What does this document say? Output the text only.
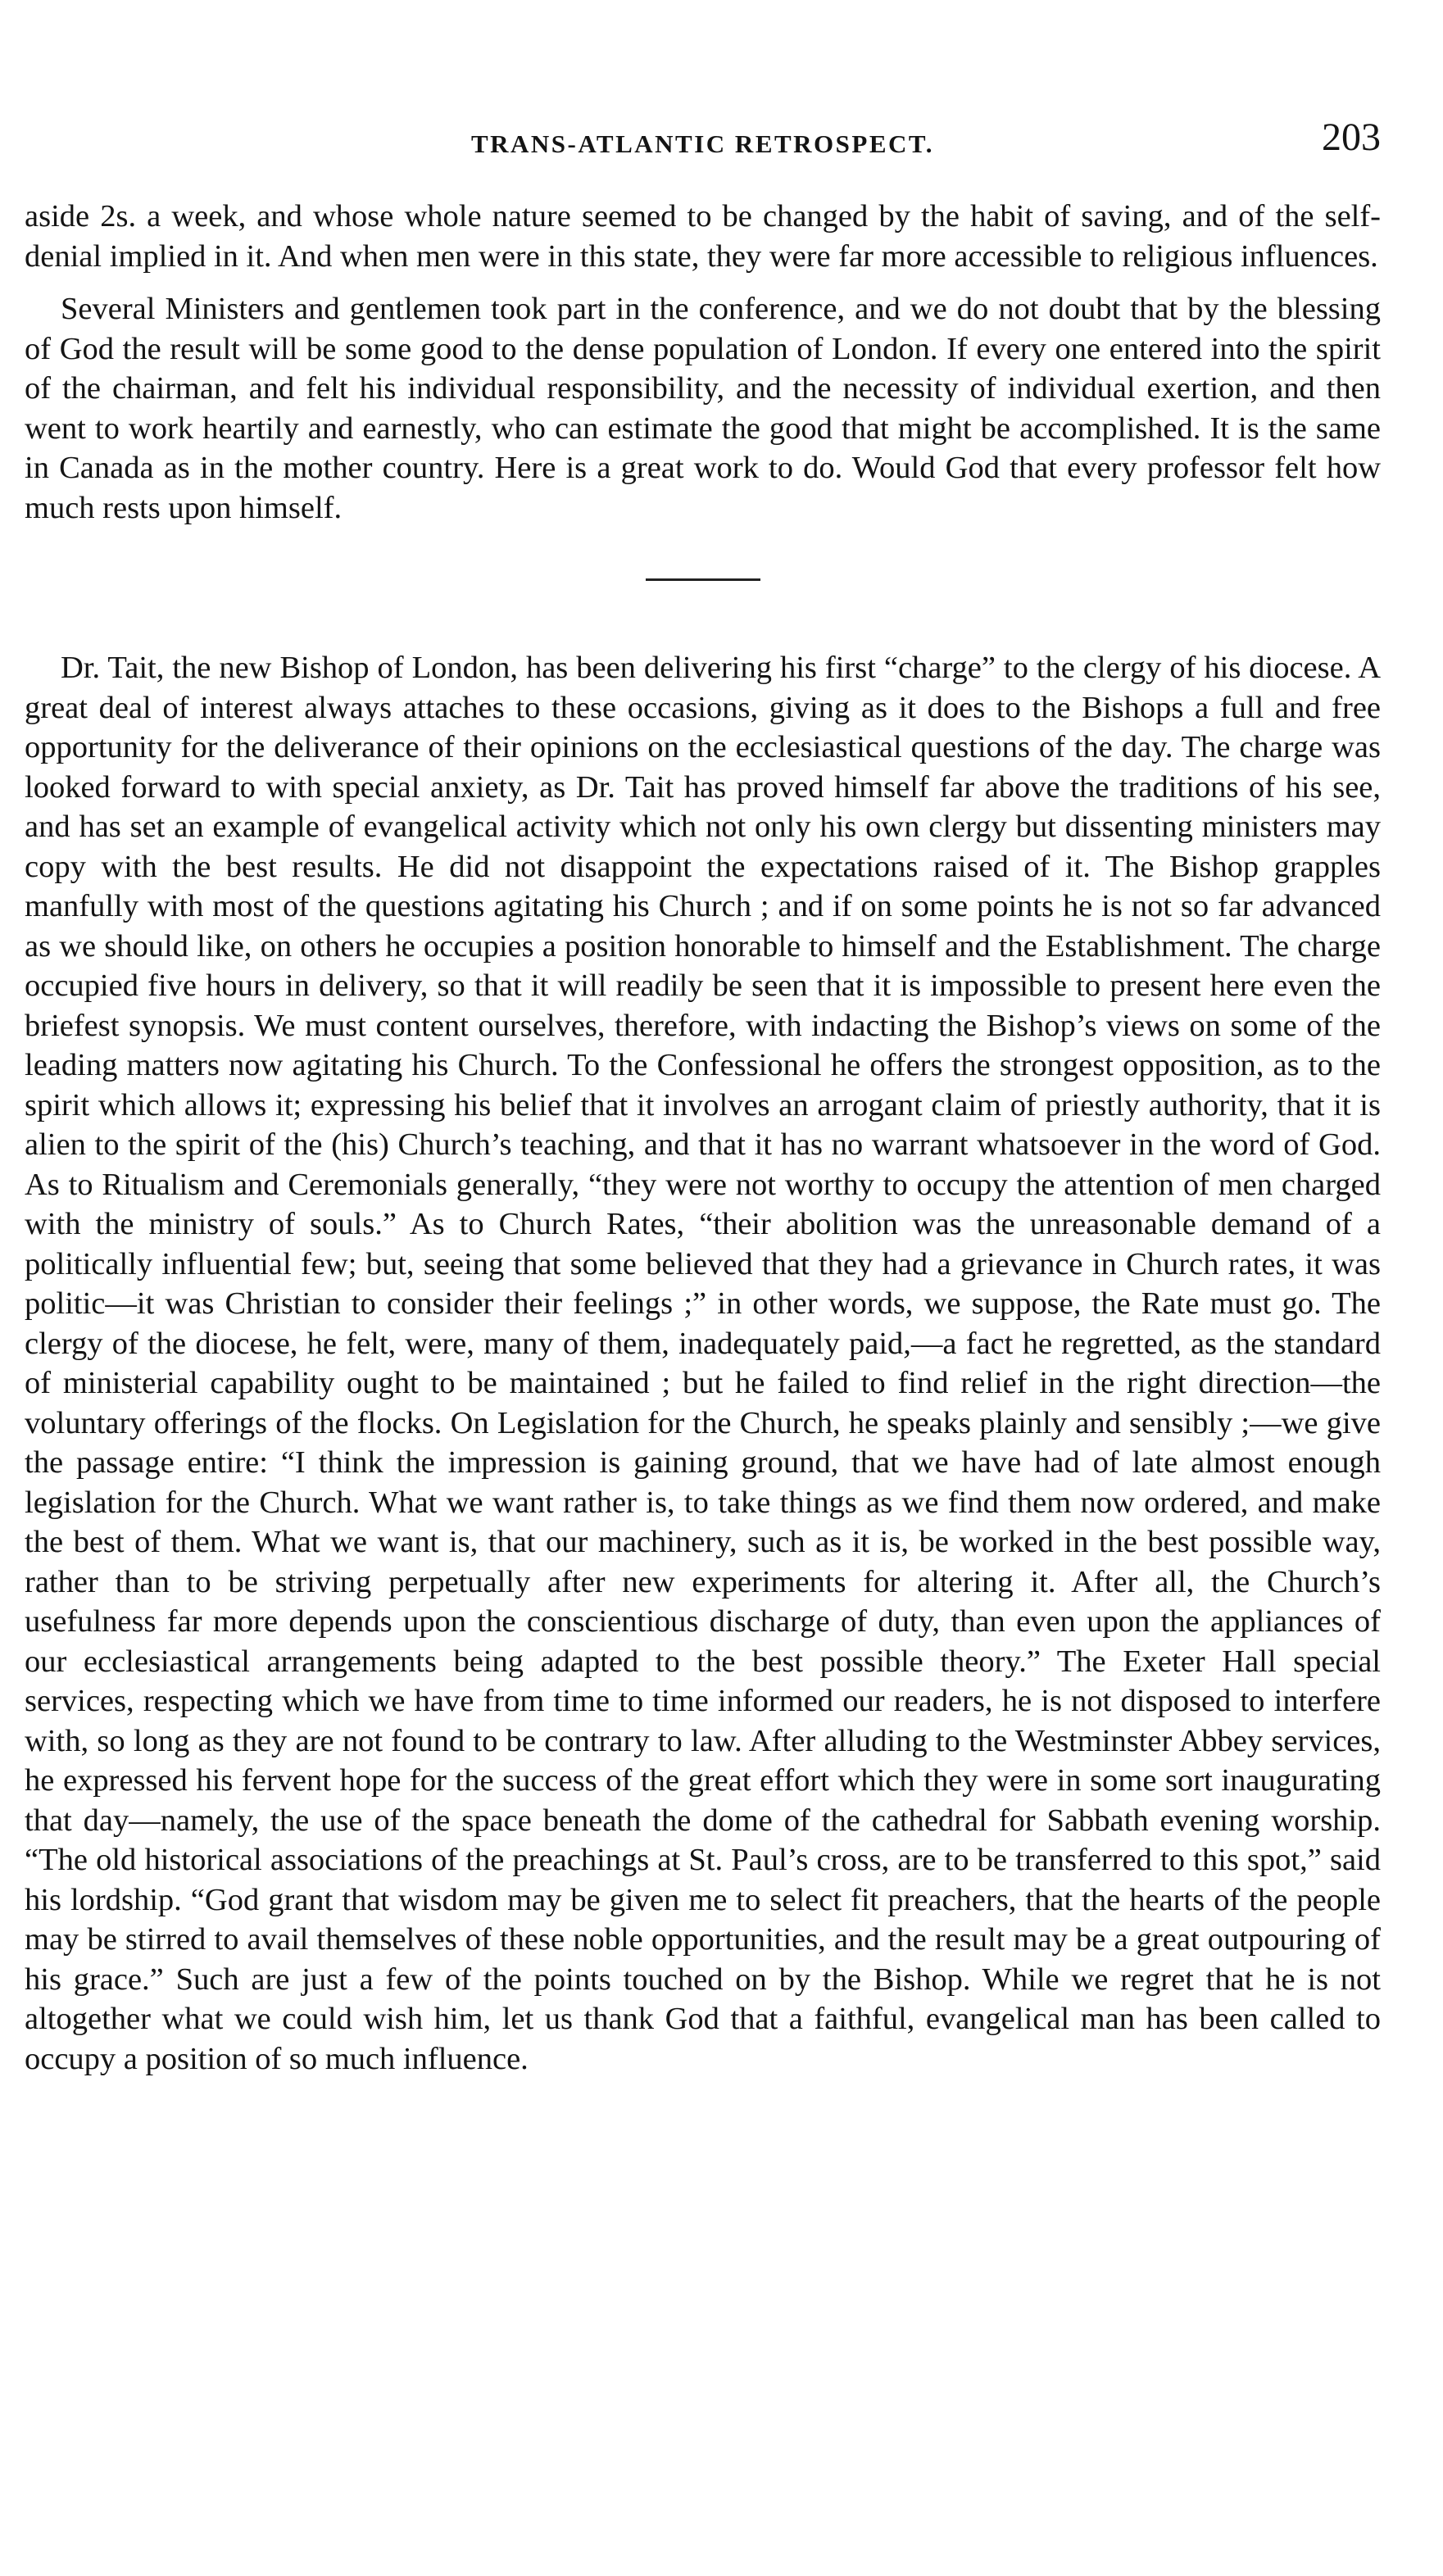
TRANS-ATLANTIC RETROSPECT.	203

aside 2s. a week, and whose whole nature seemed to be changed by the habit of saving, and of the self-denial implied in it. And when men were in this state, they were far more accessible to religious influences.

Several Ministers and gentlemen took part in the conference, and we do not doubt that by the blessing of God the result will be some good to the dense population of London. If every one entered into the spirit of the chairman, and felt his individual responsibility, and the necessity of individual exertion, and then went to work heartily and earnestly, who can estimate the good that might be accomplished. It is the same in Canada as in the mother country. Here is a great work to do. Would God that every professor felt how much rests upon himself.

Dr. Tait, the new Bishop of London, has been delivering his first “charge” to the clergy of his diocese. A great deal of interest always attaches to these occasions, giving as it does to the Bishops a full and free opportunity for the deliverance of their opinions on the ecclesiastical questions of the day. The charge was looked forward to with special anxiety, as Dr. Tait has proved himself far above the traditions of his see, and has set an example of evangelical activity which not only his own clergy but dissenting ministers may copy with the best results. He did not disappoint the expectations raised of it. The Bishop grapples manfully with most of the questions agitating his Church ; and if on some points he is not so far advanced as we should like, on others he occupies a position honorable to himself and the Establishment. The charge occupied five hours in delivery, so that it will readily be seen that it is impossible to present here even the briefest synopsis. We must content ourselves, therefore, with indacting the Bishop’s views on some of the leading matters now agitating his Church. To the Confessional he offers the strongest opposition, as to the spirit which allows it; expressing his belief that it involves an arrogant claim of priestly authority, that it is alien to the spirit of the (his) Church’s teaching, and that it has no warrant whatsoever in the word of God. As to Ritualism and Ceremonials generally, “they were not worthy to occupy the attention of men charged with the ministry of souls.” As to Church Rates, “their abolition was the unreasonable demand of a politically influential few; but, seeing that some believed that they had a grievance in Church rates, it was politic—it was Christian to consider their feelings ;” in other words, we suppose, the Rate must go. The clergy of the diocese, he felt, were, many of them, inadequately paid,—a fact he regretted, as the standard of ministerial capability ought to be maintained ; but he failed to find relief in the right direction—the voluntary offerings of the flocks. On Legislation for the Church, he speaks plainly and sensibly ;—we give the passage entire: “I think the impression is gaining ground, that we have had of late almost enough legislation for the Church. What we want rather is, to take things as we find them now ordered, and make the best of them. What we want is, that our machinery, such as it is, be worked in the best possible way, rather than to be striving perpetually after new experiments for altering it. After all, the Church’s usefulness far more depends upon the conscientious discharge of duty, than even upon the appliances of our ecclesiastical arrangements being adapted to the best possible theory.” The Exeter Hall special services, respecting which we have from time to time informed our readers, he is not disposed to interfere with, so long as they are not found to be contrary to law. After alluding to the Westminster Abbey services, he expressed his fervent hope for the success of the great effort which they were in some sort inaugurating that day—namely, the use of the space beneath the dome of the cathedral for Sabbath evening worship. “The old historical associations of the preachings at St. Paul’s cross, are to be transferred to this spot,” said his lordship. “God grant that wisdom may be given me to select fit preachers, that the hearts of the people may be stirred to avail themselves of these noble opportunities, and the result may be a great outpouring of his grace.” Such are just a few of the points touched on by the Bishop. While we regret that he is not altogether what we could wish him, let us thank God that a faithful, evangelical man has been called to occupy a position of so much influence.
